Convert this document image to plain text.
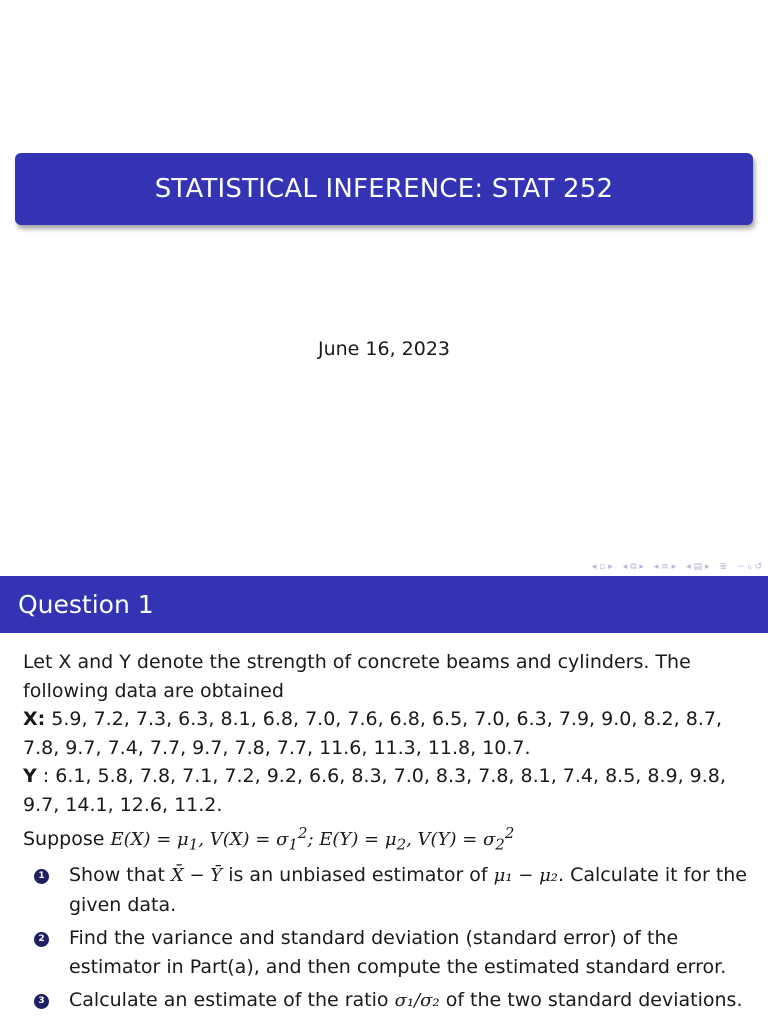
STATISTICAL INFERENCE: STAT 252
June 16, 2023
◂ ▫ ▸ ◂ ⧉ ▸ ◂ ≡ ▸ ◂ ▤ ▸ ≣ ∽ ℴ ↺
Question 1

Let X and Y denote the strength of concrete beams and cylinders. The following data are obtained

X: 5.9, 7.2, 7.3, 6.3, 8.1, 6.8, 7.0, 7.6, 6.8, 6.5, 7.0, 6.3, 7.9, 9.0, 8.2, 8.7, 7.8, 9.7, 7.4, 7.7, 9.7, 7.8, 7.7, 11.6, 11.3, 11.8, 10.7.

Y : 6.1, 5.8, 7.8, 7.1, 7.2, 9.2, 6.6, 8.3, 7.0, 8.3, 7.8, 8.1, 7.4, 8.5, 8.9, 9.8, 9.7, 14.1, 12.6, 11.2.

Suppose $E(X) = \mu_1$, $V(X) = \sigma_1^2$; $E(Y) = \mu_2$, $V(Y) = \sigma_2^2$

1 Show that X̄ − Ȳ is an unbiased estimator of μ₁ − μ₂. Calculate it for the given data.
2 Find the variance and standard deviation (standard error) of the estimator in Part(a), and then compute the estimated standard error.
3 Calculate an estimate of the ratio σ₁/σ₂ of the two standard deviations.
